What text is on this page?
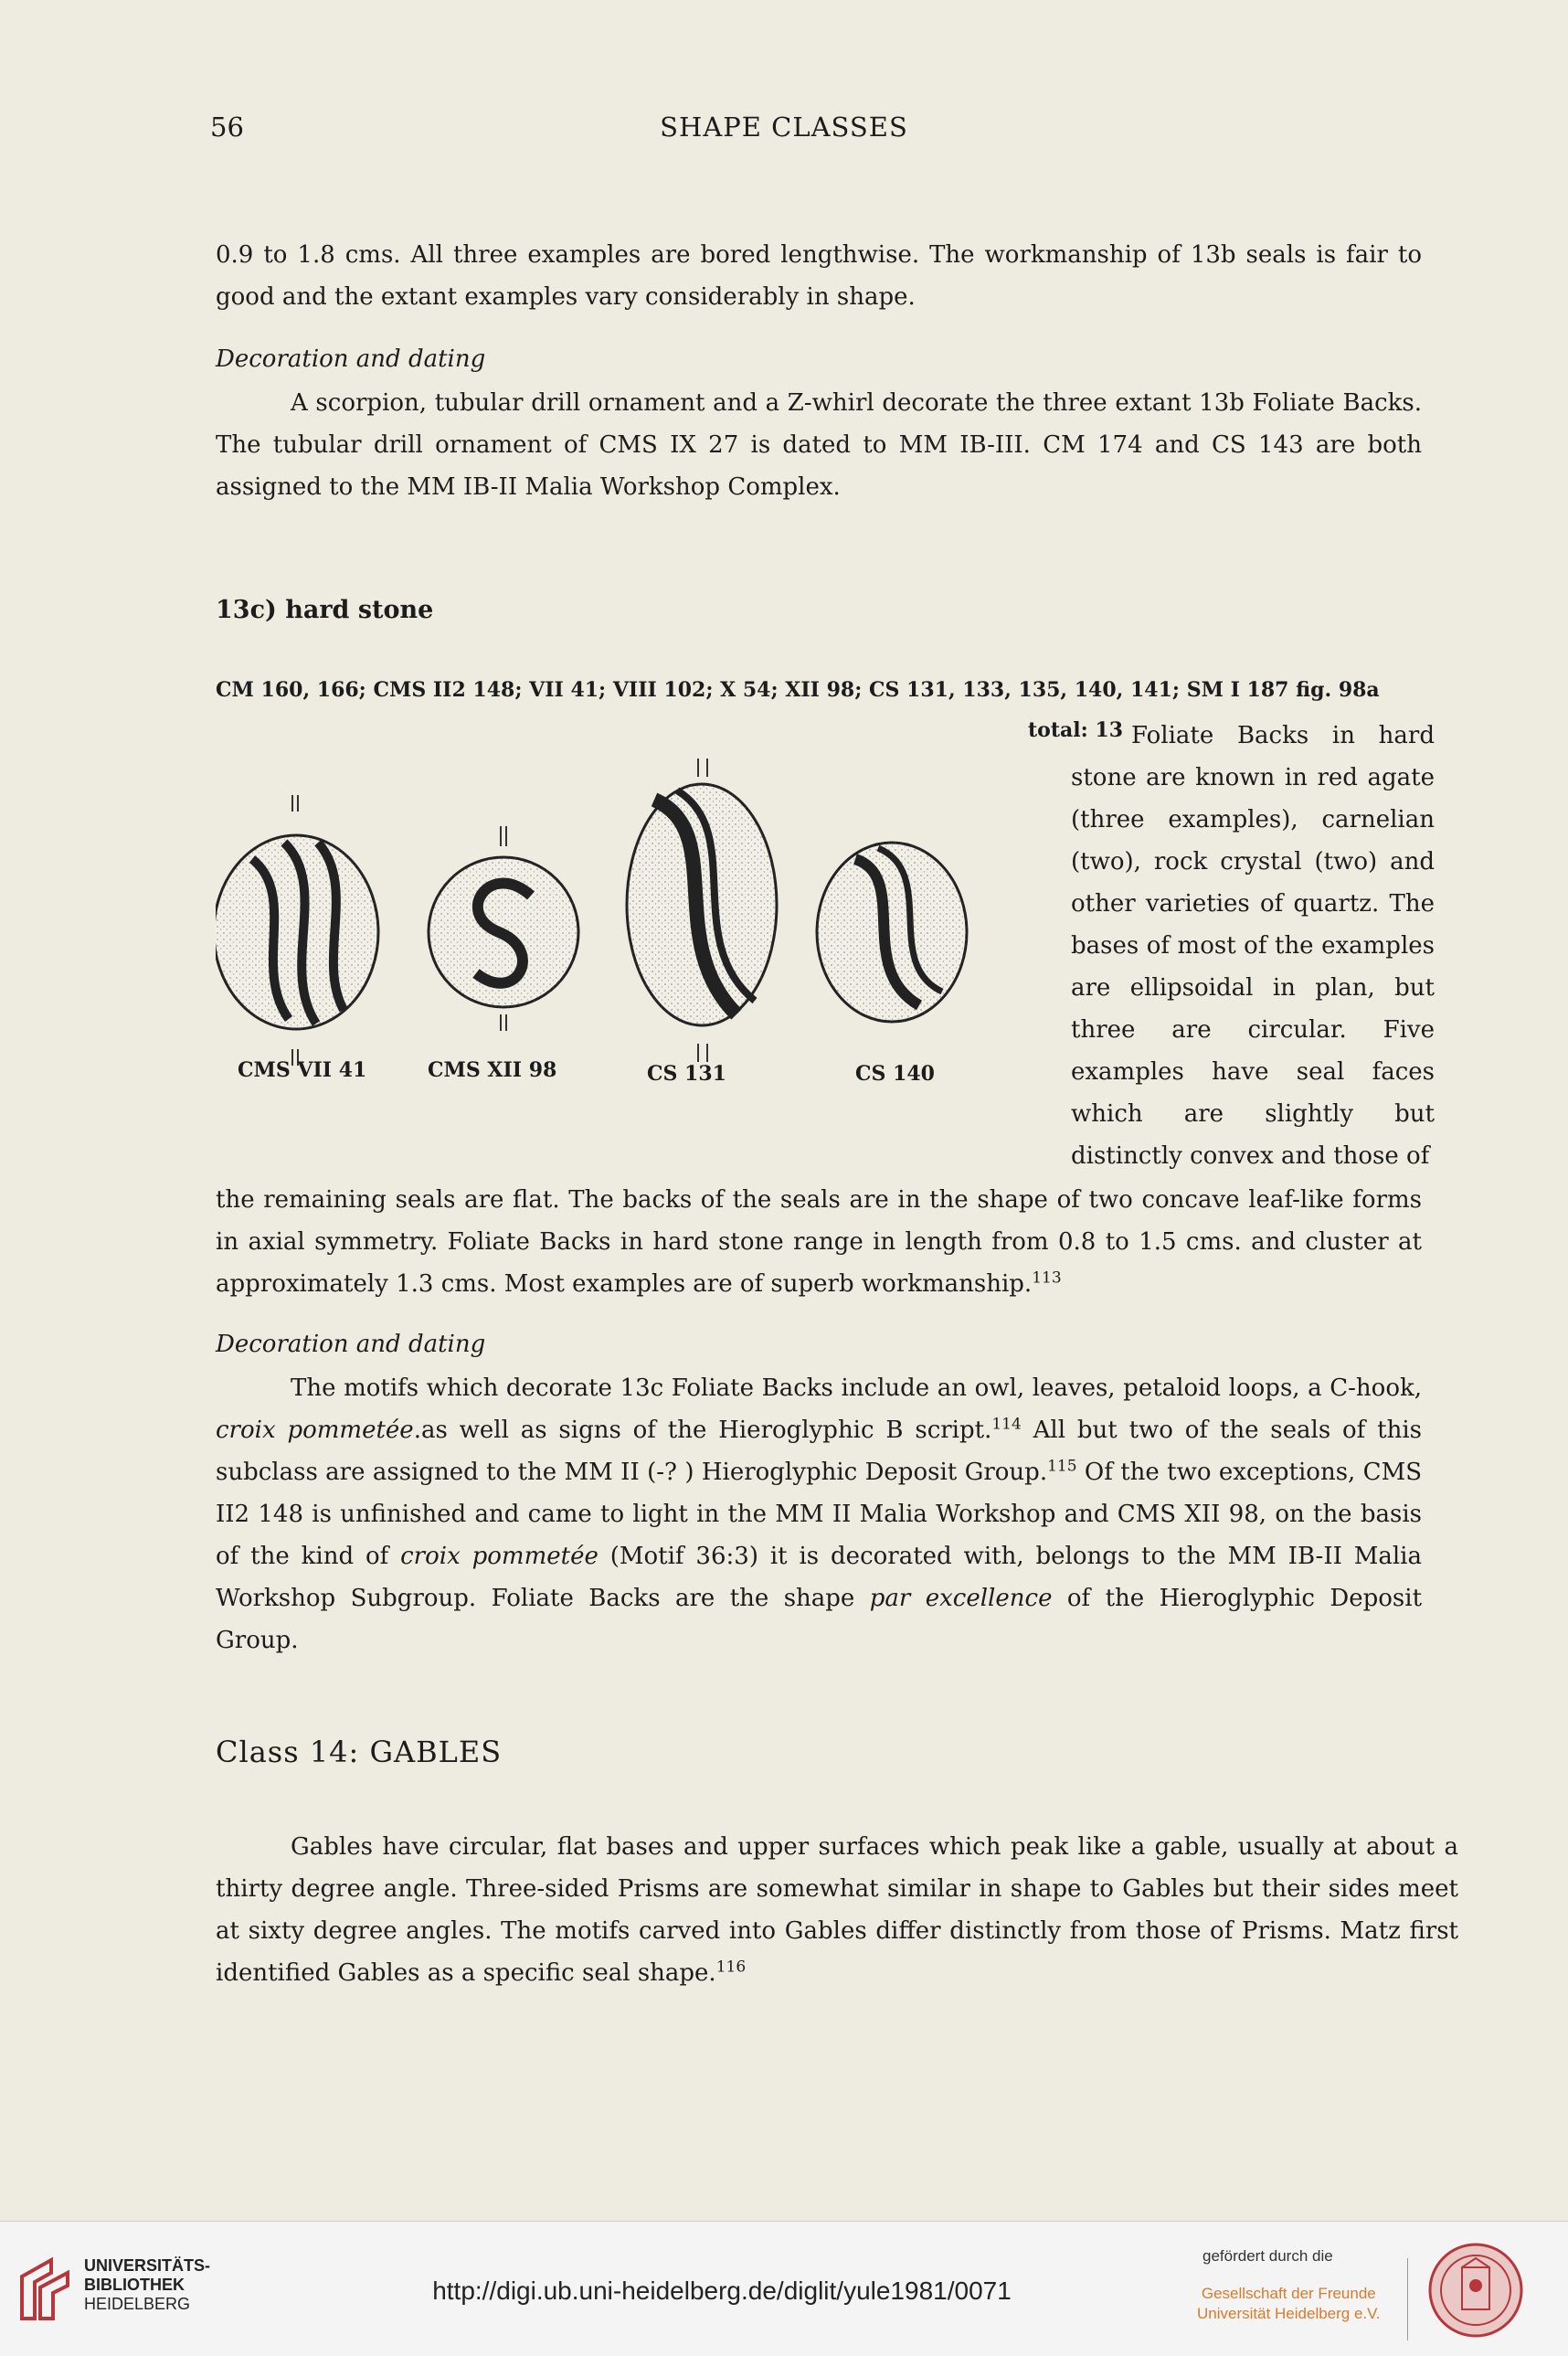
56	SHAPE CLASSES

0.9 to 1.8 cms. All three examples are bored lengthwise. The workmanship of 13b seals is fair to good and the extant examples vary considerably in shape.

Decoration and dating

A scorpion, tubular drill ornament and a Z-whirl decorate the three extant 13b Foliate Backs. The tubular drill ornament of CMS IX 27 is dated to MM IB-III. CM 174 and CS 143 are both assigned to the MM IB-II Malia Workshop Complex.

13c) hard stone
CM 160, 166; CMS II2 148; VII 41; VIII 102; X 54; XII 98; CS 131, 133, 135, 140, 141; SM I 187 fig. 98a
total: 13
CMS VII 41	CMS XII 98	CS 131	CS 140

Foliate Backs in hard stone are known in red agate (three examples), carnelian (two), rock crystal (two) and other varieties of quartz. The bases of most of the examples are ellipsoidal in plan, but three are circular. Five examples have seal faces which are slightly but distinctly convex and those of

the remaining seals are flat. The backs of the seals are in the shape of two concave leaf-like forms in axial symmetry. Foliate Backs in hard stone range in length from 0.8 to 1.5 cms. and cluster at approximately 1.3 cms. Most examples are of superb workmanship.$^{113}$

Decoration and dating

The motifs which decorate 13c Foliate Backs include an owl, leaves, petaloid loops, a C-hook, croix pommetée.as well as signs of the Hieroglyphic B script.$^{114}$ All but two of the seals of this subclass are assigned to the MM II (-? ) Hieroglyphic Deposit Group.$^{115}$ Of the two exceptions, CMS II2 148 is unfinished and came to light in the MM II Malia Workshop and CMS XII 98, on the basis of the kind of croix pommetée (Motif 36:3) it is decorated with, belongs to the MM IB-II Malia Workshop Subgroup. Foliate Backs are the shape par excellence of the Hieroglyphic Deposit Group.

Class 14: GABLES

Gables have circular, flat bases and upper surfaces which peak like a gable, usually at about a thirty degree angle. Three-sided Prisms are somewhat similar in shape to Gables but their sides meet at sixty degree angles. The motifs carved into Gables differ distinctly from those of Prisms. Matz first identified Gables as a specific seal shape.$^{116}$

UNIVERSITÄTS-
BIBLIOTHEK
HEIDELBERG	http://digi.ub.uni-heidelberg.de/diglit/yule1981/0071
gefördert durch die
Gesellschaft der Freunde
Universität Heidelberg e.V.
